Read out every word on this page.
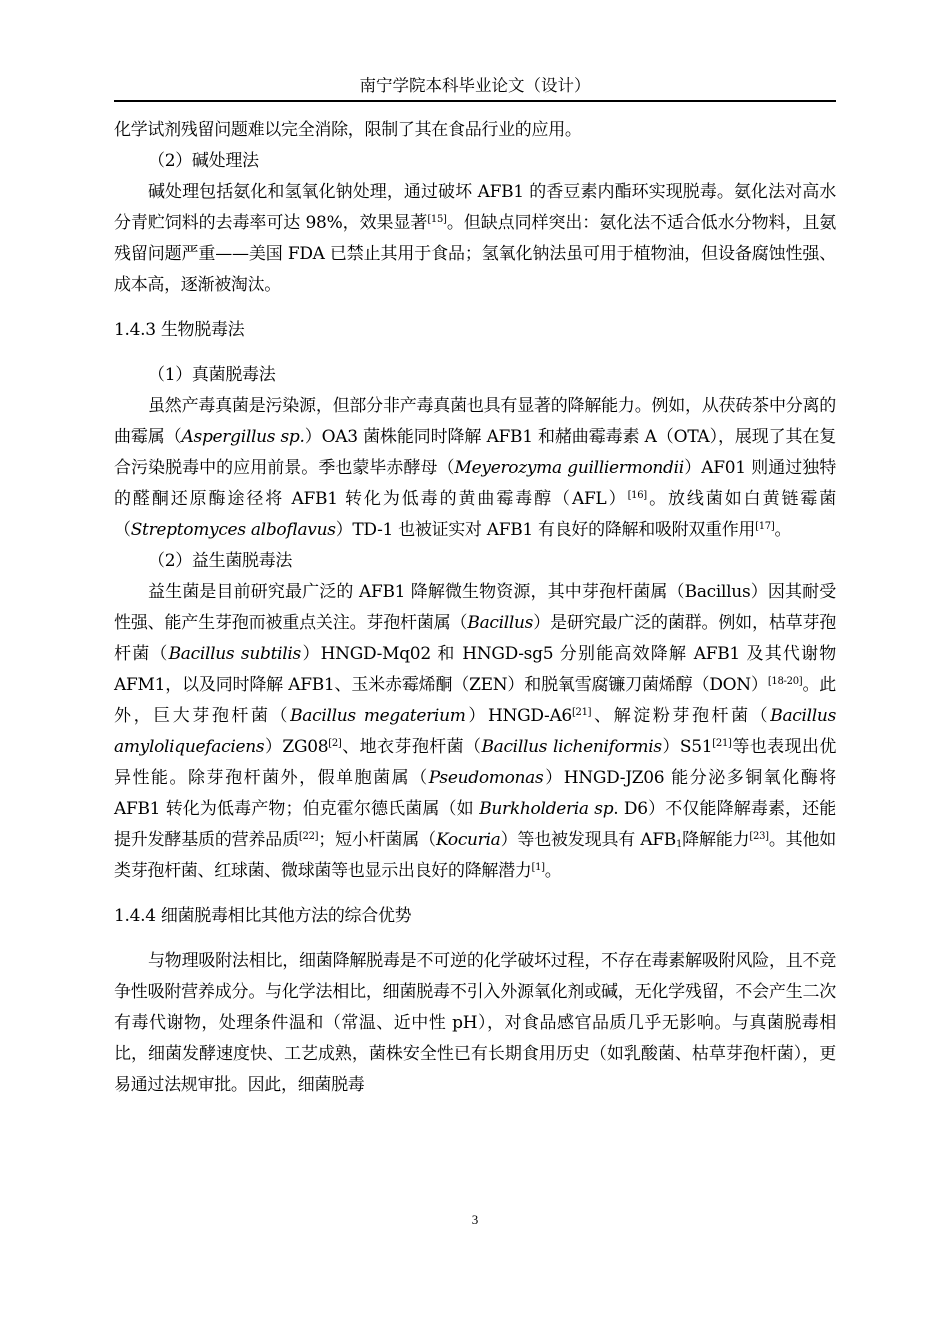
南宁学院本科毕业论文（设计）

化学试剂残留问题难以完全消除，限制了其在食品行业的应用。

（2）碱处理法

碱处理包括氨化和氢氧化钠处理，通过破坏 AFB1 的香豆素内酯环实现脱毒。氨化法对高水分青贮饲料的去毒率可达 98%，效果显著[15]。但缺点同样突出：氨化法不适合低水分物料，且氨残留问题严重——美国 FDA 已禁止其用于食品；氢氧化钠法虽可用于植物油，但设备腐蚀性强、成本高，逐渐被淘汰。

1.4.3 生物脱毒法

（1）真菌脱毒法

虽然产毒真菌是污染源，但部分非产毒真菌也具有显著的降解能力。例如，从茯砖茶中分离的曲霉属（Aspergillus sp.）OA3 菌株能同时降解 AFB1 和赭曲霉毒素 A（OTA），展现了其在复合污染脱毒中的应用前景。季也蒙毕赤酵母（Meyerozyma guilliermondii）AF01 则通过独特的醛酮还原酶途径将 AFB1 转化为低毒的黄曲霉毒醇（AFL）[16]。放线菌如白黄链霉菌（Streptomyces alboflavus）TD-1 也被证实对 AFB1 有良好的降解和吸附双重作用[17]。

（2）益生菌脱毒法

益生菌是目前研究最广泛的 AFB1 降解微生物资源，其中芽孢杆菌属（Bacillus）因其耐受性强、能产生芽孢而被重点关注。芽孢杆菌属（Bacillus）是研究最广泛的菌群。例如，枯草芽孢杆菌（Bacillus subtilis）HNGD-Mq02 和 HNGD-sg5 分别能高效降解 AFB1 及其代谢物 AFM1，以及同时降解 AFB1、玉米赤霉烯酮（ZEN）和脱氧雪腐镰刀菌烯醇（DON）[18-20]。此外，巨大芽孢杆菌（Bacillus megaterium）HNGD-A6[21]、解淀粉芽孢杆菌（Bacillus amyloliquefaciens）ZG08[2]、地衣芽孢杆菌（Bacillus licheniformis）S51[21]等也表现出优异性能。除芽孢杆菌外，假单胞菌属（Pseudomonas）HNGD-JZ06 能分泌多铜氧化酶将 AFB1 转化为低毒产物；伯克霍尔德氏菌属（如 Burkholderia sp. D6）不仅能降解毒素，还能提升发酵基质的营养品质[22]；短小杆菌属（Kocuria）等也被发现具有 $AFB_1$降解能力[23]。其他如类芽孢杆菌、红球菌、微球菌等也显示出良好的降解潜力[1]。

1.4.4 细菌脱毒相比其他方法的综合优势

与物理吸附法相比，细菌降解脱毒是不可逆的化学破坏过程，不存在毒素解吸附风险，且不竞争性吸附营养成分。与化学法相比，细菌脱毒不引入外源氧化剂或碱，无化学残留，不会产生二次有毒代谢物，处理条件温和（常温、近中性 pH），对食品感官品质几乎无影响。与真菌脱毒相比，细菌发酵速度快、工艺成熟，菌株安全性已有长期食用历史（如乳酸菌、枯草芽孢杆菌），更易通过法规审批。因此，细菌脱毒

3
